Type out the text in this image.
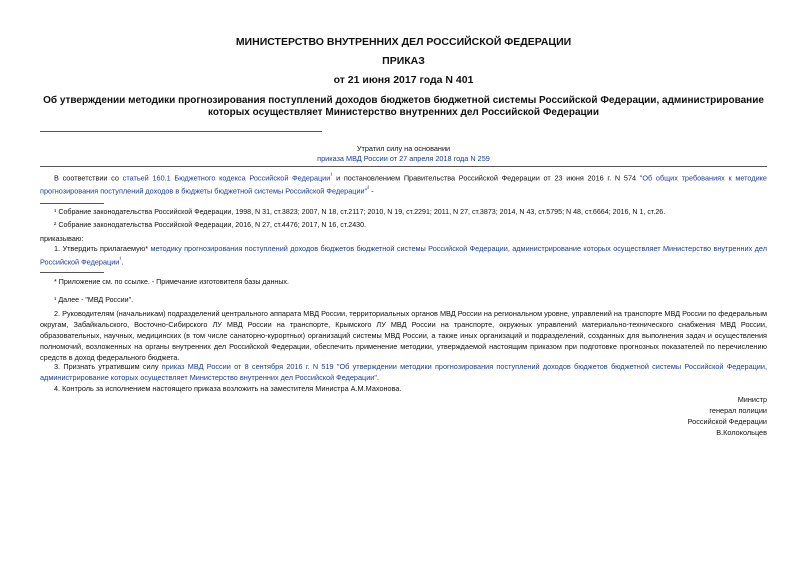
МИНИСТЕРСТВО ВНУТРЕННИХ ДЕЛ РОССИЙСКОЙ ФЕДЕРАЦИИ
ПРИКАЗ
от 21 июня 2017 года N 401
Об утверждении методики прогнозирования поступлений доходов бюджетов бюджетной системы Российской Федерации, администрирование которых осуществляет Министерство внутренних дел Российской Федерации
Утратил силу на основании
приказа МВД России от 27 апреля 2018 года N 259
В соответствии со статьей 160.1 Бюджетного кодекса Российской Федерации$^{^1}$ и постановлением Правительства Российской Федерации от 23 июня 2016 г. N 574 "Об общих требованиях к методике прогнозирования поступлений доходов в бюджеты бюджетной системы Российской Федерации"$^{^2}$ -
¹ Собрание законодательства Российской Федерации, 1998, N 31, ст.3823; 2007, N 18, ст.2117; 2010, N 19, ст.2291; 2011, N 27, ст.3873; 2014, N 43, ст.5795; N 48, ст.6664; 2016, N 1, ст.26.
² Собрание законодательства Российской Федерации, 2016, N 27, ст.4476; 2017, N 16, ст.2430.
приказываю:
1. Утвердить прилагаемую* методику прогнозирования поступлений доходов бюджетов бюджетной системы Российской Федерации, администрирование которых осуществляет Министерство внутренних дел Российской Федерации$^{^1}$.
* Приложение см. по ссылке. - Примечание изготовителя базы данных.
¹ Далее - "МВД России".
2. Руководителям (начальникам) подразделений центрального аппарата МВД России, территориальных органов МВД России на региональном уровне, управлений на транспорте МВД России по федеральным округам, Забайкальского, Восточно-Сибирского ЛУ МВД России на транспорте, Крымского ЛУ МВД России на транспорте, окружных управлений материально-технического снабжения МВД России, образовательных, научных, медицинских (в том числе санаторно-курортных) организаций системы МВД России, а также иных организаций и подразделений, созданных для выполнения задач и осуществления полномочий, возложенных на органы внутренних дел Российской Федерации, обеспечить применение методики, утверждаемой настоящим приказом при подготовке прогнозных показателей по перечислению средств в доход федерального бюджета.
3. Признать утратившим силу приказ МВД России от 8 сентября 2016 г. N 519 "Об утверждении методики прогнозирования поступлений доходов бюджетов бюджетной системы Российской Федерации, администрирование которых осуществляет Министерство внутренних дел Российской Федерации".
4. Контроль за исполнением настоящего приказа возложить на заместителя Министра А.М.Махонова.
Министр
генерал полиции
Российской Федерации
В.Колокольцев
